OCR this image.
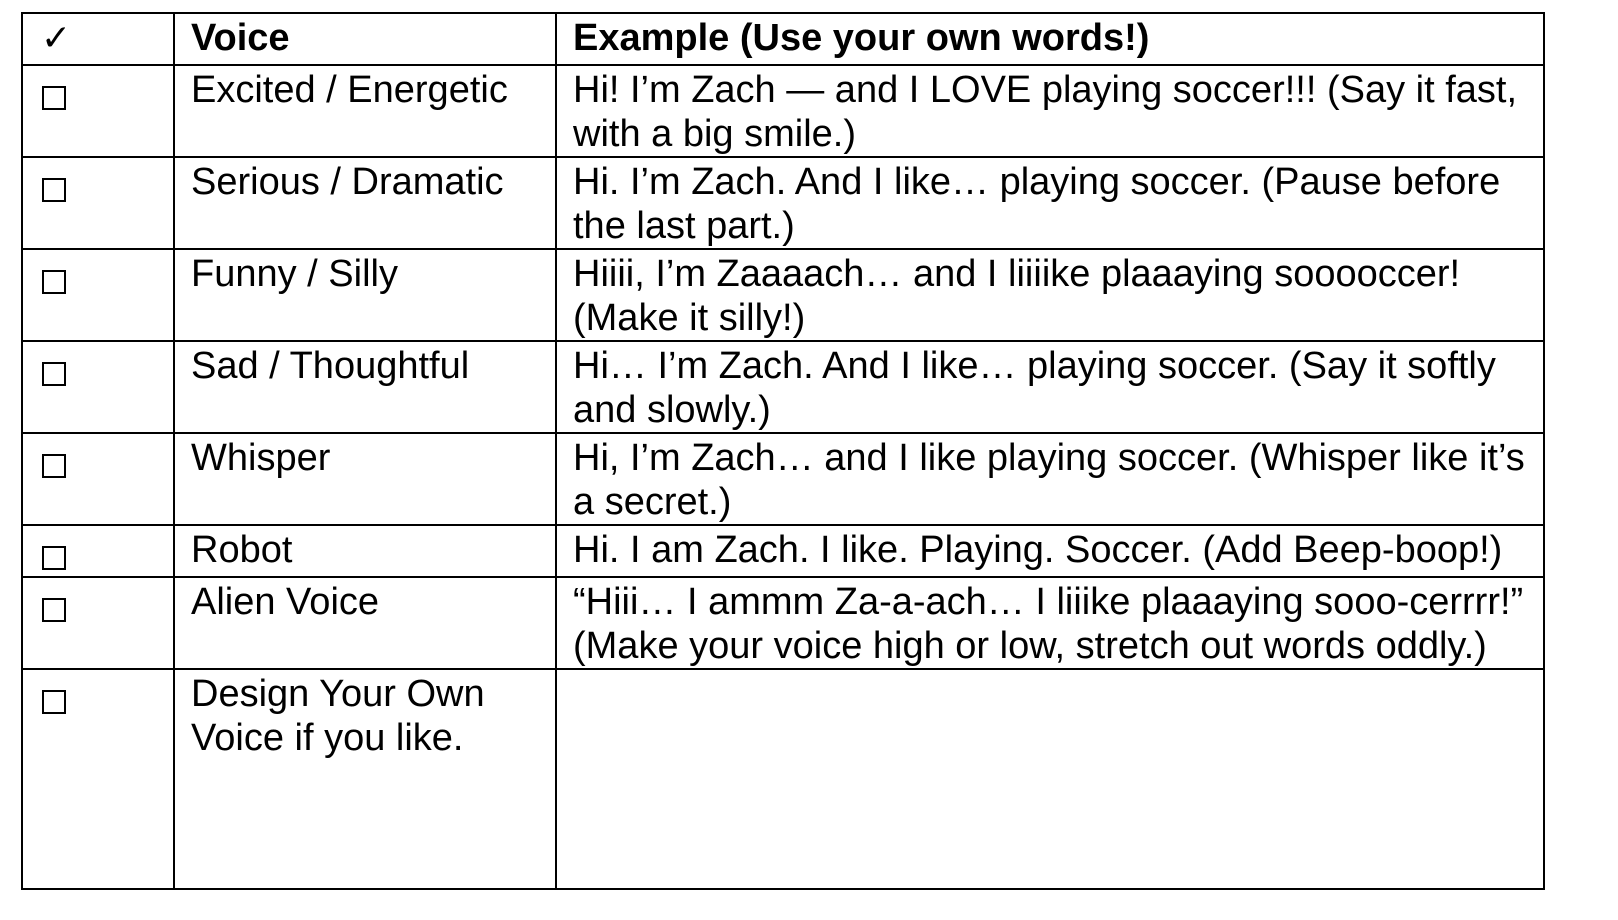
✓	Voice	Example (Use your own words!)

	Excited / Energetic	Hi! I’m Zach — and I LOVE playing soccer!!! (Say it fast, with a big smile.)

	Serious / Dramatic	Hi. I’m Zach. And I like… playing soccer. (Pause before the last part.)

	Funny / Silly	Hiiii, I’m Zaaaach… and I liiiike plaaaying sooooccer! (Make it silly!)

	Sad / Thoughtful	Hi… I’m Zach. And I like… playing soccer. (Say it softly and slowly.)

	Whisper	Hi, I’m Zach… and I like playing soccer. (Whisper like it’s a secret.)

	Robot	Hi. I am Zach. I like. Playing. Soccer. (Add Beep-boop!)

	Alien Voice	“Hiii… I ammm Za-a-ach… I liiike plaaaying sooo-cerrrr!” (Make your voice high or low, stretch out words oddly.)

	Design Your Own Voice if you like.	
